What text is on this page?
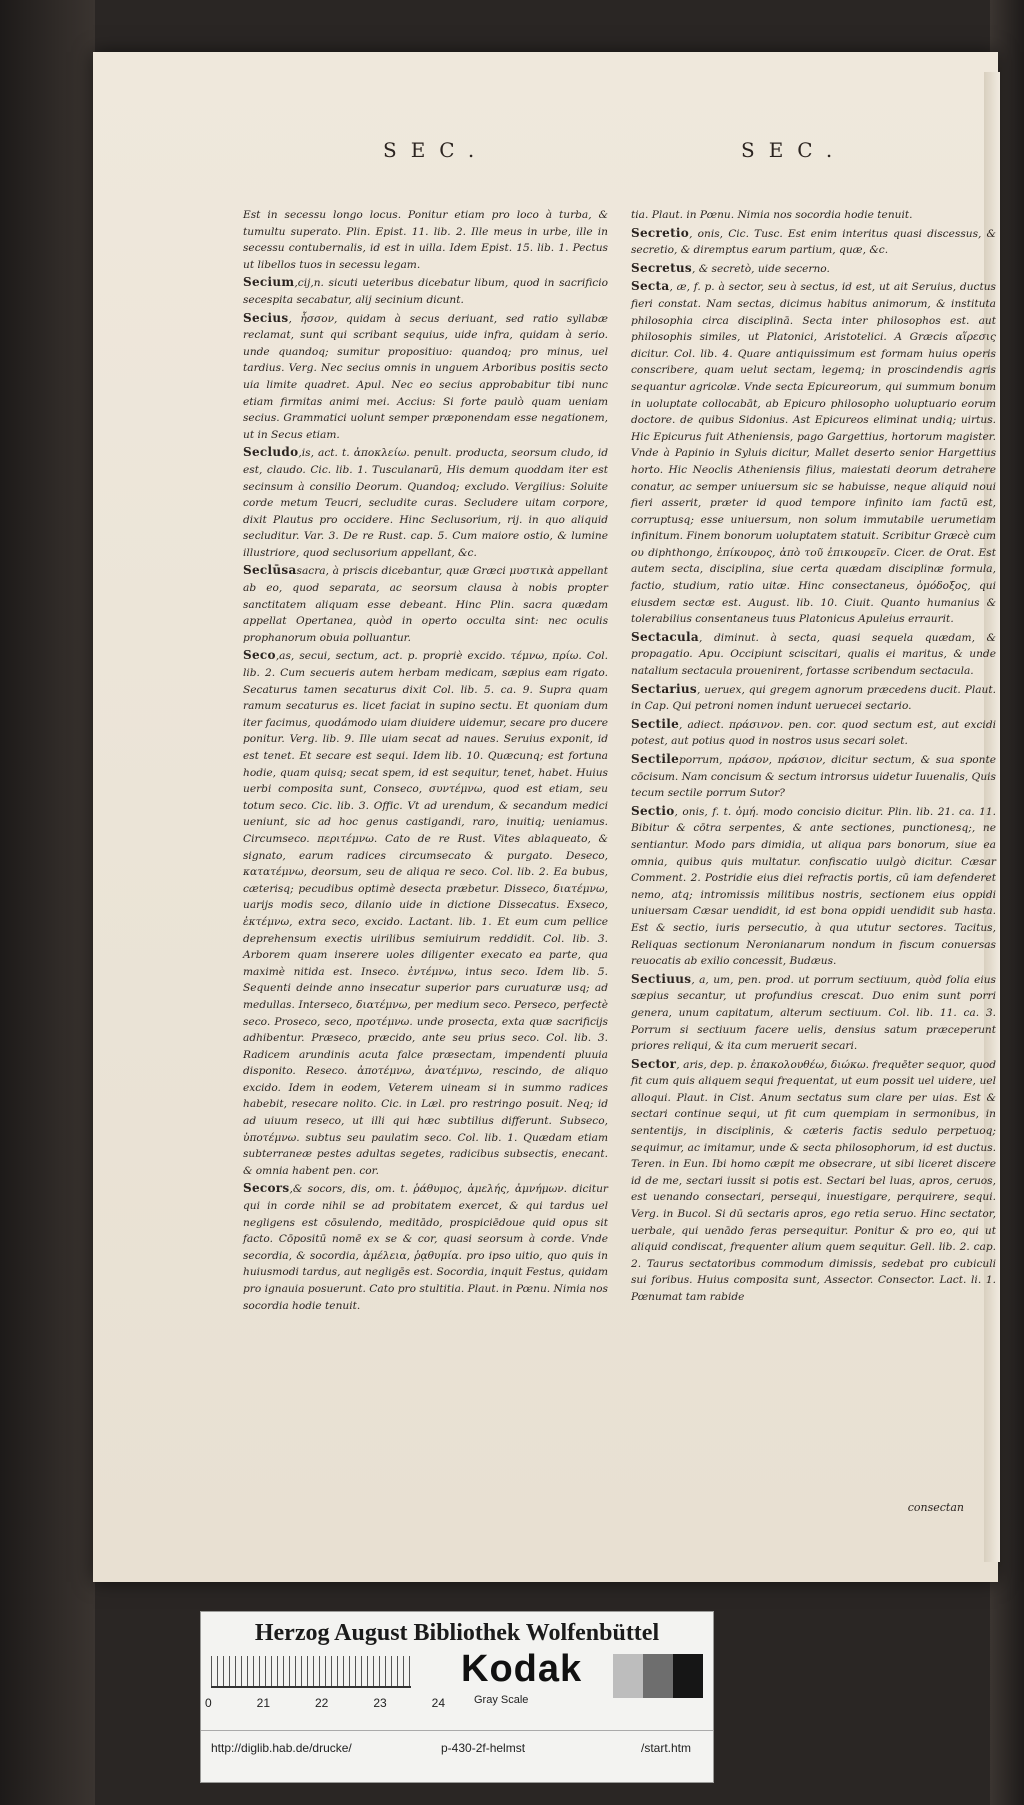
SEC.	SEC.

Est in secessu longo locus. Ponitur etiam pro loco à turba, & tumultu superato. Plin. Epist. 11. lib. 2. Ille meus in urbe, ille in secessu contubernalis, id est in uilla. Idem Epist. 15. lib. 1. Pectus ut libellos tuos in secessu legam.

Secium,cij,n. sicuti ueteribus dicebatur libum, quod in sacrificio secespita secabatur, alij secinium dicunt.

Secius, ἧσσον, quidam à secus deriuant, sed ratio syllabæ reclamat, sunt qui scribant sequius, uide infra, quidam à serio. unde quandoq; sumitur propositiuo: quandoq; pro minus, uel tardius. Verg. Nec secius omnis in unguem Arboribus positis secto uia limite quadret. Apul. Nec eo secius approbabitur tibi nunc etiam firmitas animi mei. Accius: Si forte paulò quam ueniam secius. Grammatici uolunt semper præponendam esse negationem, ut in Secus etiam.

Secludo,is, act. t. ἀποκλείω. penult. producta, seorsum cludo, id est, claudo. Cic. lib. 1. Tusculanarū, His demum quoddam iter est secinsum à consilio Deorum. Quandoq; excludo. Vergilius: Soluite corde metum Teucri, secludite curas. Secludere uitam corpore, dixit Plautus pro occidere. Hinc Seclusorium, rij. in quo aliquid secluditur. Var. 3. De re Rust. cap. 5. Cum maiore ostio, & lumine illustriore, quod seclusorium appellant, &c.

Seclūsasacra, à priscis dicebantur, quæ Græci μυστικὰ appellant ab eo, quod separata, ac seorsum clausa à nobis propter sanctitatem aliquam esse debeant. Hinc Plin. sacra quædam appellat Opertanea, quòd in operto occulta sint: nec oculis prophanorum obuia polluantur.

Seco,as, secui, sectum, act. p. propriè excido. τέμνω, πρίω. Col. lib. 2. Cum secueris autem herbam medicam, sæpius eam rigato. Secaturus tamen secaturus dixit Col. lib. 5. ca. 9. Supra quam ramum secaturus es. licet faciat in supino sectu. Et quoniam dum iter facimus, quodámodo uiam diuidere uidemur, secare pro ducere ponitur. Verg. lib. 9. Ille uiam secat ad naues. Seruius exponit, id est tenet. Et secare est sequi. Idem lib. 10. Quæcunq; est fortuna hodie, quam quisq; secat spem, id est sequitur, tenet, habet. Huius uerbi composita sunt, Conseco, συντέμνω, quod est etiam, seu totum seco. Cic. lib. 3. Offic. Vt ad urendum, & secandum medici ueniunt, sic ad hoc genus castigandi, raro, inuitiq; ueniamus. Circumseco. περιτέμνω. Cato de re Rust. Vites ablaqueato, & signato, earum radices circumsecato & purgato. Deseco, κατατέμνω, deorsum, seu de aliqua re seco. Col. lib. 2. Ea bubus, cæterisq; pecudibus optimè desecta præbetur. Disseco, διατέμνω, uarijs modis seco, dilanio uide in dictione Dissecatus. Exseco, ἐκτέμνω, extra seco, excido. Lactant. lib. 1. Et eum cum pellice deprehensum exectis uirilibus semiuirum reddidit. Col. lib. 3. Arborem quam inserere uoles diligenter execato ea parte, qua maximè nitida est. Inseco. ἐντέμνω, intus seco. Idem lib. 5. Sequenti deinde anno insecatur superior pars curuaturæ usq; ad medullas. Interseco, διατέμνω, per medium seco. Perseco, perfectè seco. Proseco, seco, προτέμνω. unde prosecta, exta quæ sacrificijs adhibentur. Præseco, præcido, ante seu prius seco. Col. lib. 3. Radicem arundinis acuta falce præsectam, impendenti pluuia disponito. Reseco. ἀποτέμνω, ἀνατέμνω, rescindo, de aliquo excido. Idem in eodem, Veterem uineam si in summo radices habebit, resecare nolito. Cic. in Læl. pro restringo posuit. Neq; id ad uiuum reseco, ut illi qui hæc subtilius differunt. Subseco, ὑποτέμνω. subtus seu paulatim seco. Col. lib. 1. Quædam etiam subterraneæ pestes adultas segetes, radicibus subsectis, enecant. & omnia habent pen. cor.

Secors,& socors, dis, om. t. ῥάθυμος, ἀμελής, ἀμνήμων. dicitur qui in corde nihil se ad probitatem exercet, & qui tardus uel negligens est cōsulendo, meditādo, prospiciēdoue quid opus sit facto. Cōpositū nomē ex se & cor, quasi seorsum à corde. Vnde secordia, & socordia, ἀμέλεια, ῥᾳθυμία. pro ipso uitio, quo quis in huiusmodi tardus, aut negligēs est. Socordia, inquit Festus, quidam pro ignauia posuerunt. Cato pro stultitia. Plaut. in Pœnu. Nimia nos socordia hodie tenuit.

tia. Plaut. in Pœnu. Nimia nos socordia hodie tenuit.

Secretio, onis, Cic. Tusc. Est enim interitus quasi discessus, & secretio, & diremptus earum partium, quæ, &c.

Secretus, & secretò, uide secerno.

Secta, æ, f. p. à sector, seu à sectus, id est, ut ait Seruius, ductus fieri constat. Nam sectas, dicimus habitus animorum, & instituta philosophia circa disciplinā. Secta inter philosophos est. aut philosophis similes, ut Platonici, Aristotelici. A Græcis αἵρεσις dicitur. Col. lib. 4. Quare antiquissimum est formam huius operis conscribere, quam uelut sectam, legemq; in proscindendis agris sequantur agricolæ. Vnde secta Epicureorum, qui summum bonum in uoluptate collocabāt, ab Epicuro philosopho uoluptuario eorum doctore. de quibus Sidonius. Ast Epicureos eliminat undiq; uirtus. Hic Epicurus fuit Atheniensis, pago Gargettius, hortorum magister. Vnde à Papinio in Syluis dicitur, Mallet deserto senior Hargettius horto. Hic Neoclis Atheniensis filius, maiestati deorum detrahere conatur, ac semper uniuersum sic se habuisse, neque aliquid noui fieri asserit, præter id quod tempore infinito iam factū est, corruptusq; esse uniuersum, non solum immutabile uerumetiam infinitum. Finem bonorum uoluptatem statuit. Scribitur Græcè cum ου diphthongo, ἐπίκουρος, ἀπὸ τοῦ ἐπικουρεῖν. Cicer. de Orat. Est autem secta, disciplina, siue certa quædam disciplinæ formula, factio, studium, ratio uitæ. Hinc consectaneus, ὁμόδοξος, qui eiusdem sectæ est. August. lib. 10. Ciuit. Quanto humanius & tolerabilius consentaneus tuus Platonicus Apuleius erraurit.

Sectacula, diminut. à secta, quasi sequela quædam, & propagatio. Apu. Occipiunt sciscitari, qualis ei maritus, & unde natalium sectacula prouenirent, fortasse scribendum sectacula.

Sectarius, ueruex, qui gregem agnorum præcedens ducit. Plaut. in Cap. Qui petroni nomen indunt ueruecei sectario.

Sectile, adiect. πράσινον. pen. cor. quod sectum est, aut excidi potest, aut potius quod in nostros usus secari solet.

Sectileporrum, πράσον, πράσιον, dicitur sectum, & sua sponte cōcisum. Nam concisum & sectum introrsus uidetur Iuuenalis, Quis tecum sectile porrum Sutor?

Sectio, onis, f. t. ὁμή. modo concisio dicitur. Plin. lib. 21. ca. 11. Bibitur & cōtra serpentes, & ante sectiones, punctionesq;, ne sentiantur. Modo pars dimidia, ut aliqua pars bonorum, siue ea omnia, quibus quis multatur. confiscatio uulgò dicitur. Cæsar Comment. 2. Postridie eius diei refractis portis, cū iam defenderet nemo, atq; intromissis militibus nostris, sectionem eius oppidi uniuersam Cæsar uendidit, id est bona oppidi uendidit sub hasta. Est & sectio, iuris persecutio, à qua ututur sectores. Tacitus, Reliquas sectionum Neronianarum nondum in fiscum conuersas reuocatis ab exilio concessit, Budæus.

Sectiuus, a, um, pen. prod. ut porrum sectiuum, quòd folia eius sæpius secantur, ut profundius crescat. Duo enim sunt porri genera, unum capitatum, alterum sectiuum. Col. lib. 11. ca. 3. Porrum si sectiuum facere uelis, densius satum præceperunt priores reliqui, & ita cum meruerit secari.

Sector, aris, dep. p. ἐπακολουθέω, διώκω. frequēter sequor, quod fit cum quis aliquem sequi frequentat, ut eum possit uel uidere, uel alloqui. Plaut. in Cist. Anum sectatus sum clare per uias. Est & sectari continue sequi, ut fit cum quempiam in sermonibus, in sententijs, in disciplinis, & cæteris factis sedulo perpetuoq; sequimur, ac imitamur, unde & secta philosophorum, id est ductus. Teren. in Eun. Ibi homo cæpit me obsecrare, ut sibi liceret discere id de me, sectari iussit si potis est. Sectari bel luas, apros, ceruos, est uenando consectari, persequi, inuestigare, perquirere, sequi. Verg. in Bucol. Si dū sectaris apros, ego retia seruo. Hinc sectator, uerbale, qui uenādo feras persequitur. Ponitur & pro eo, qui ut aliquid condiscat, frequenter alium quem sequitur. Gell. lib. 2. cap. 2. Taurus sectatoribus commodum dimissis, sedebat pro cubiculi sui foribus. Huius composita sunt, Assector. Consector. Lact. li. 1. Pœnumat tam rabide

consectan
Herzog August Bibliothek Wolfenbüttel
0	21	22	23	24
Kodak
Gray Scale
http://diglib.hab.de/drucke/	p-430-2f-helmst	/start.htm
